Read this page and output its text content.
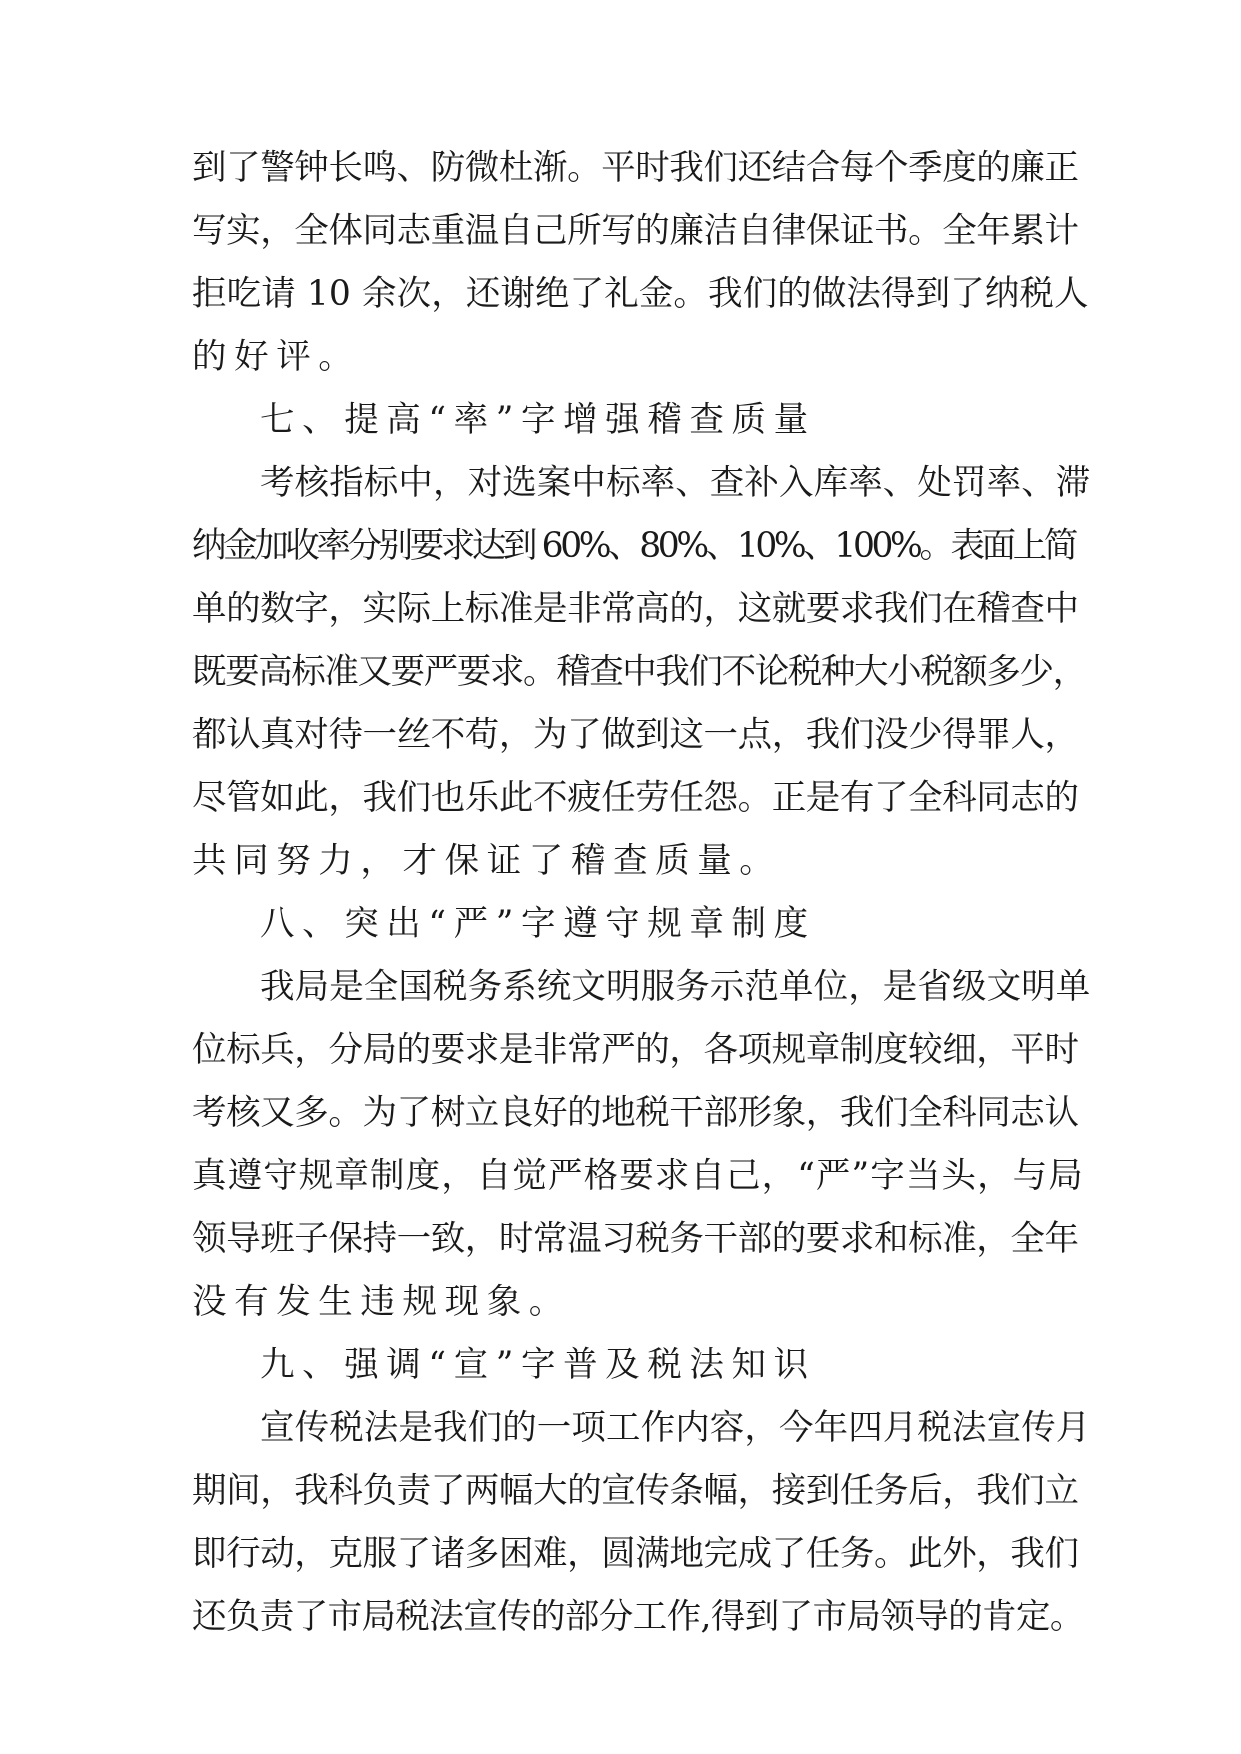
到了警钟长鸣、防微杜渐。平时我们还结合每个季度的廉正
写实，全体同志重温自己所写的廉洁自律保证书。全年累计
拒吃请 10 余次，还谢绝了礼金。我们的做法得到了纳税人
的好评。
七、提高“率”字增强稽查质量
考核指标中，对选案中标率、查补入库率、处罚率、滞
纳金加收率分别要求达到 60%、80%、10%、100%。表面上简
单的数字，实际上标准是非常高的，这就要求我们在稽查中
既要高标准又要严要求。稽查中我们不论税种大小税额多少，
都认真对待一丝不苟，为了做到这一点，我们没少得罪人，
尽管如此，我们也乐此不疲任劳任怨。正是有了全科同志的
共同努力，才保证了稽查质量。
八、突出“严”字遵守规章制度
我局是全国税务系统文明服务示范单位，是省级文明单
位标兵，分局的要求是非常严的，各项规章制度较细，平时
考核又多。为了树立良好的地税干部形象，我们全科同志认
真遵守规章制度，自觉严格要求自己，“严”字当头，与局
领导班子保持一致，时常温习税务干部的要求和标准，全年
没有发生违规现象。
九、强调“宣”字普及税法知识
宣传税法是我们的一项工作内容，今年四月税法宣传月
期间，我科负责了两幅大的宣传条幅，接到任务后，我们立
即行动，克服了诸多困难，圆满地完成了任务。此外，我们
还负责了市局税法宣传的部分工作,得到了市局领导的肯定。
